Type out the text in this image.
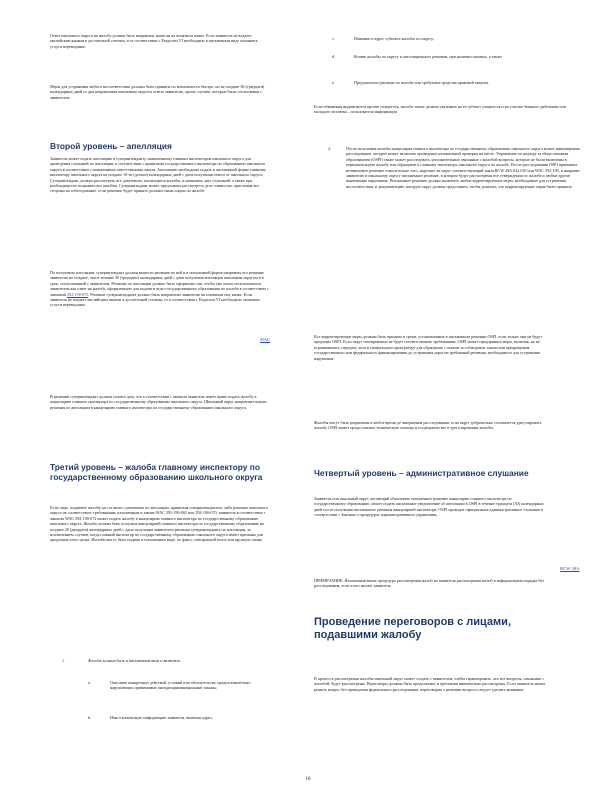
Ответ школьного округа на жалобу должен быть направлен, написан на понятном языке. Если заявитель не владеет английским языком в достаточной степени, то в соответствии с Разделом VI необходимо в письменном виде оказывать услуги переводчика.

Меры для устранения любого несоответствия должны быть приняты по возможности быстро, но не позднее 30 (тридцати) календарных дней со дня направления школьным округом ответа заявителю, кроме случаев, которые были согласованы с заявителем.

Второй уровень – апелляция

Заявитель может подать апелляцию в суперинтенданту, назначенному главным инспектором школьного округа для проведения слушаний по апелляции, в соответствии с правилами государственного инспектора по образованию школьного округа в соответствии с назначенным ответственным лицом. Апелляцию необходимо подать в письменной форме главному инспектору школьного округа не позднее 10-ти (десяти) календарных дней с даты получения ответа от школьного округа. Суперинтендант должен рассмотреть все документы, касающиеся жалобы, и назначить дату слушаний, а также при необходимости исправить все ошибки. Суперинтендант может предложить рассмотреть дело совместно, приглашая все стороны на собеседование, если решение будет принято должностным лицом по жалобе.

По получении апелляции, суперинтендант должен вынести решение по ней и в письменной форме направить его решение заявителю не позднее, чем в течение 30 (тридцати) календарных дней с даты получения апелляции школьным округом и в срок, согласованный с заявителем. Решение по апелляции должно быть оформлено так, чтобы оно могло использоваться заявителем как ответ на жалобу, оформленную для подачи в отдел государственного образования по жалобе в соответствии с законами 392-190-075. Решение суперинтенданта должно быть направлено заявителю на понятном ему языке. Если заявитель не владеет английским языком в достаточной степени, то в соответствии с Разделом VI необходимо оказывать услуги переводчика.

В решении суперинтендант должен указать дату, что в соответствии с законом заявитель имеет право подать жалобу в канцелярию главного инспектора по государственному образованию школьного округа. Школьный округ направляет копию решения по апелляции в канцелярию главного инспектора по государственному образованию школьного округа.

Третий уровень – жалоба главному инспектору по государственному образованию школьного округа

Если лицо, подавшее жалобу, не согласно с решением по апелляции, принятым суперинтендантом, либо решение школьного округа не соответствует требованиям, изложенным в законе WAC 392-190-065 или 392-190-070, заявитель в соответствии с законом WAC 392-190-072 может подать жалобу в канцелярию главного инспектора по государственному образованию школьного округа. Жалоба должна быть получена канцелярией главного инспектора по государственному образованию не позднее 20 (двадцати) календарных дней с даты получения заявителем решения суперинтенданта по апелляции, за исключением случаев, когда главный инспектор по государственному образованию школьного округа имеет причины для продления этого срока. Жалобы могут быть поданы в письменном виде, по факсу, электронной почте или вручную лично.

1.	Жалоба должна быть в письменном виде и включать:

a.	Описание конкретных действий, условий или обстоятельств, предположительно нарушающих применимые антидискриминационные законы;

b.	Имя и контактную информацию заявителя, включая адрес;

WAC
RCW 28A
c.	Название и адрес субъекта жалобы по округу;

d.	Копию жалобы по округу и апелляционного решения, при наличии таковых, а также

e.	Предлагаемое решение по жалобе или требуемые средства правовой защиты.

Если обвинения выдвигаются против учащегося, жалоба также должна указывать на ее субъект учащегося и на участие бывшего работника или молодого человека – пользователя информации.

2.	После получения жалобы канцелярия главного инспектора по государственному образованию школьного округа может инициировать расследование, которое может включать проведение независимой проверки на месте. Управление по надзору за общественным образованием (OSPI) также может расследовать дополнительные связанные с жалобой вопросы, которые не были включены в первоначальную жалобу или обращение к главному инспектору школьного округа по жалобе. После расследования OSPI принимает независимое решение относительно того, нарушил ли округ соответствующий закон RCW 28A.642.010 или WAC 392-190, и направит заявителю и школьному округу письменное решение, в котором будут рассмотрены все утверждения по жалобе и любые другие выявленные нарушения. Письменное решение должно включать любые корректирующие меры, необходимые для устранения несоответствия, и документацию, которую округ должен представить, чтобы доказать, что корректирующие меры были приняты.

Все корректирующие меры должны быть приняты в сроки, установленные в письменном решении OSPI, если только они не будут продлены OSPI. Если округ своевременно не будет соответствовать требованиям, OSPI может предпринять меры, включая, но не ограничиваясь, передачу дела в генеральную прокуратуру для обращения с исками за соблюдение закона или прекращения государственного или федерального финансирования до устранения округом требований решения, необходимого для устранения нарушения.

Жалобы могут быть разрешены в любое время до завершения расследования, если округ добровольно соглашается урегулировать жалобу. OSPI может предоставлять техническую помощь и посредничество в урегулировании жалобы.

Четвертый уровень – административное слушание

Заявитель или школьный округ, желающий обжаловать письменное решение канцелярии главного инспектора по государственному образованию, может подать письменное уведомление об апелляции в OSPI в течение тридцати (30) календарных дней после получения письменного решения канцелярией инспектора. OSPI проводит официальное административное слушание в соответствии с Законом о процедурах административного управления, .

ПРИМЕЧАНИЕ: Изложенная выше процедура рассмотрения жалоб на заявителя рассмотрения жалоб в неформальном порядке без расследования, если этого желает заявитель.

Проведение переговоров с лицами, подавшими жалобу

В процессе рассмотрения жалобы школьный округ может создать с заявителем, чтобы гарантировать, что все вопросы, связанные с жалобой, будут рассмотрены. Переговоры должны быть продолжены, и претензии внимательно рассмотрены. Если заявитель может решить вопрос без проведения формального расследования, переговорам о решении вопроса следует уделить внимание.

18
